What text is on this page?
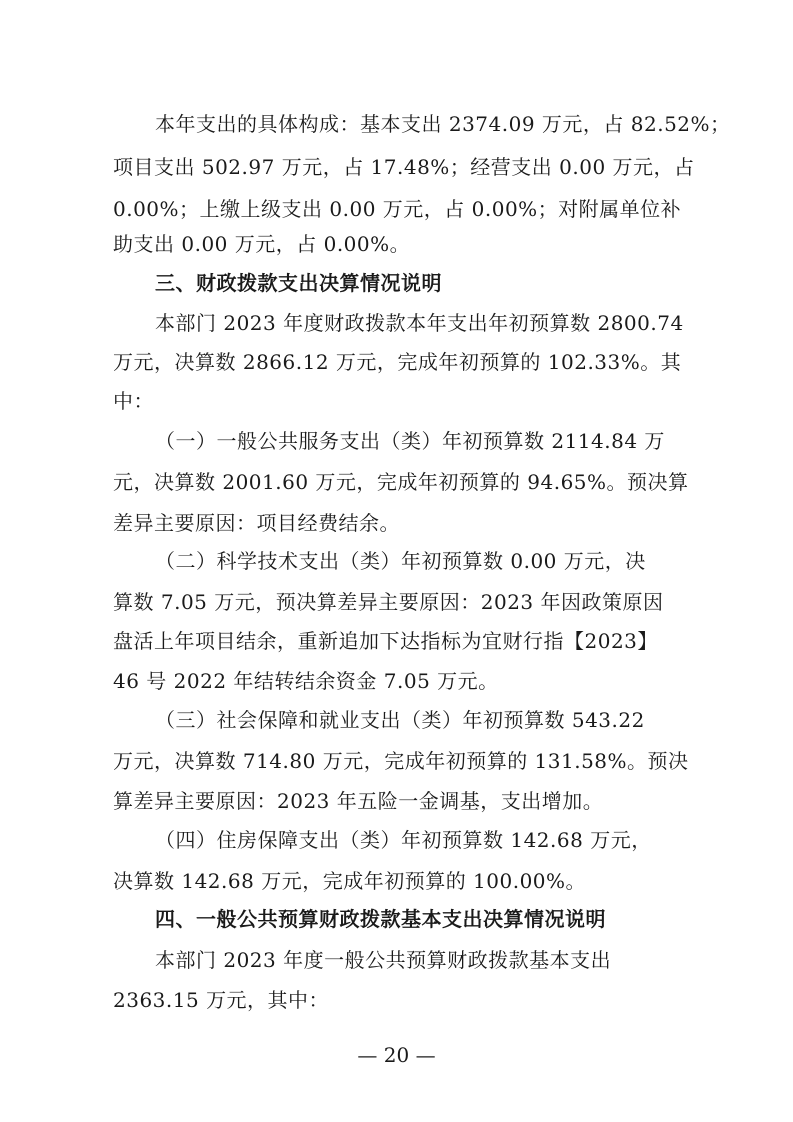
本年支出的具体构成：基本支出 2374.09 万元，占 82.52%；
项目支出 502.97 万元，占 17.48%；经营支出 0.00 万元，占
0.00%；上缴上级支出 0.00 万元，占 0.00%；对附属单位补
助支出 0.00 万元，占 0.00%。
三、财政拨款支出决算情况说明
本部门 2023 年度财政拨款本年支出年初预算数 2800.74
万元，决算数 2866.12 万元，完成年初预算的 102.33%。其
中：
（一）一般公共服务支出（类）年初预算数 2114.84 万
元，决算数 2001.60 万元，完成年初预算的 94.65%。预决算
差异主要原因：项目经费结余。
（二）科学技术支出（类）年初预算数 0.00 万元，决
算数 7.05 万元，预决算差异主要原因：2023 年因政策原因
盘活上年项目结余，重新追加下达指标为宜财行指【2023】
46 号 2022 年结转结余资金 7.05 万元。
（三）社会保障和就业支出（类）年初预算数 543.22
万元，决算数 714.80 万元，完成年初预算的 131.58%。预决
算差异主要原因：2023 年五险一金调基，支出增加。
（四）住房保障支出（类）年初预算数 142.68 万元，
决算数 142.68 万元，完成年初预算的 100.00%。
四、一般公共预算财政拨款基本支出决算情况说明
本部门 2023 年度一般公共预算财政拨款基本支出
2363.15 万元，其中：
— 20 —
